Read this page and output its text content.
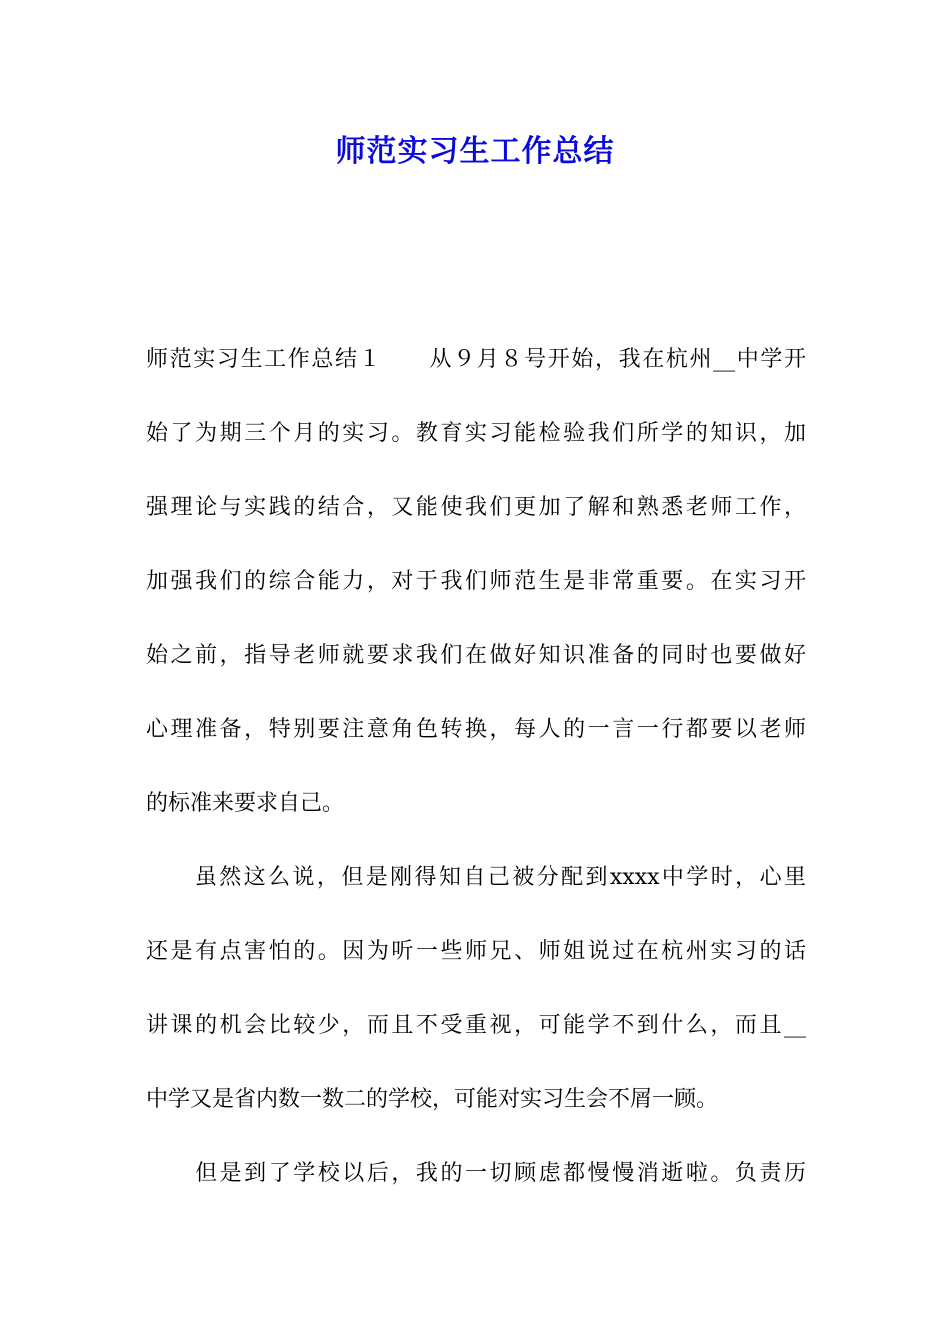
师范实习生工作总结
师范实习生工作总结１　　从９月８号开始，我在杭州__中学开
始了为期三个月的实习。教育实习能检验我们所学的知识，加
强理论与实践的结合，又能使我们更加了解和熟悉老师工作，
加强我们的综合能力，对于我们师范生是非常重要。在实习开
始之前，指导老师就要求我们在做好知识准备的同时也要做好
心理准备，特别要注意角色转换，每人的一言一行都要以老师
的标准来要求自己。
　　虽然这么说，但是刚得知自己被分配到xxxx中学时，心里
还是有点害怕的。因为听一些师兄、师姐说过在杭州实习的话
讲课的机会比较少，而且不受重视，可能学不到什么，而且__
中学又是省内数一数二的学校，可能对实习生会不屑一顾。
　　但是到了学校以后，我的一切顾虑都慢慢消逝啦。负责历
